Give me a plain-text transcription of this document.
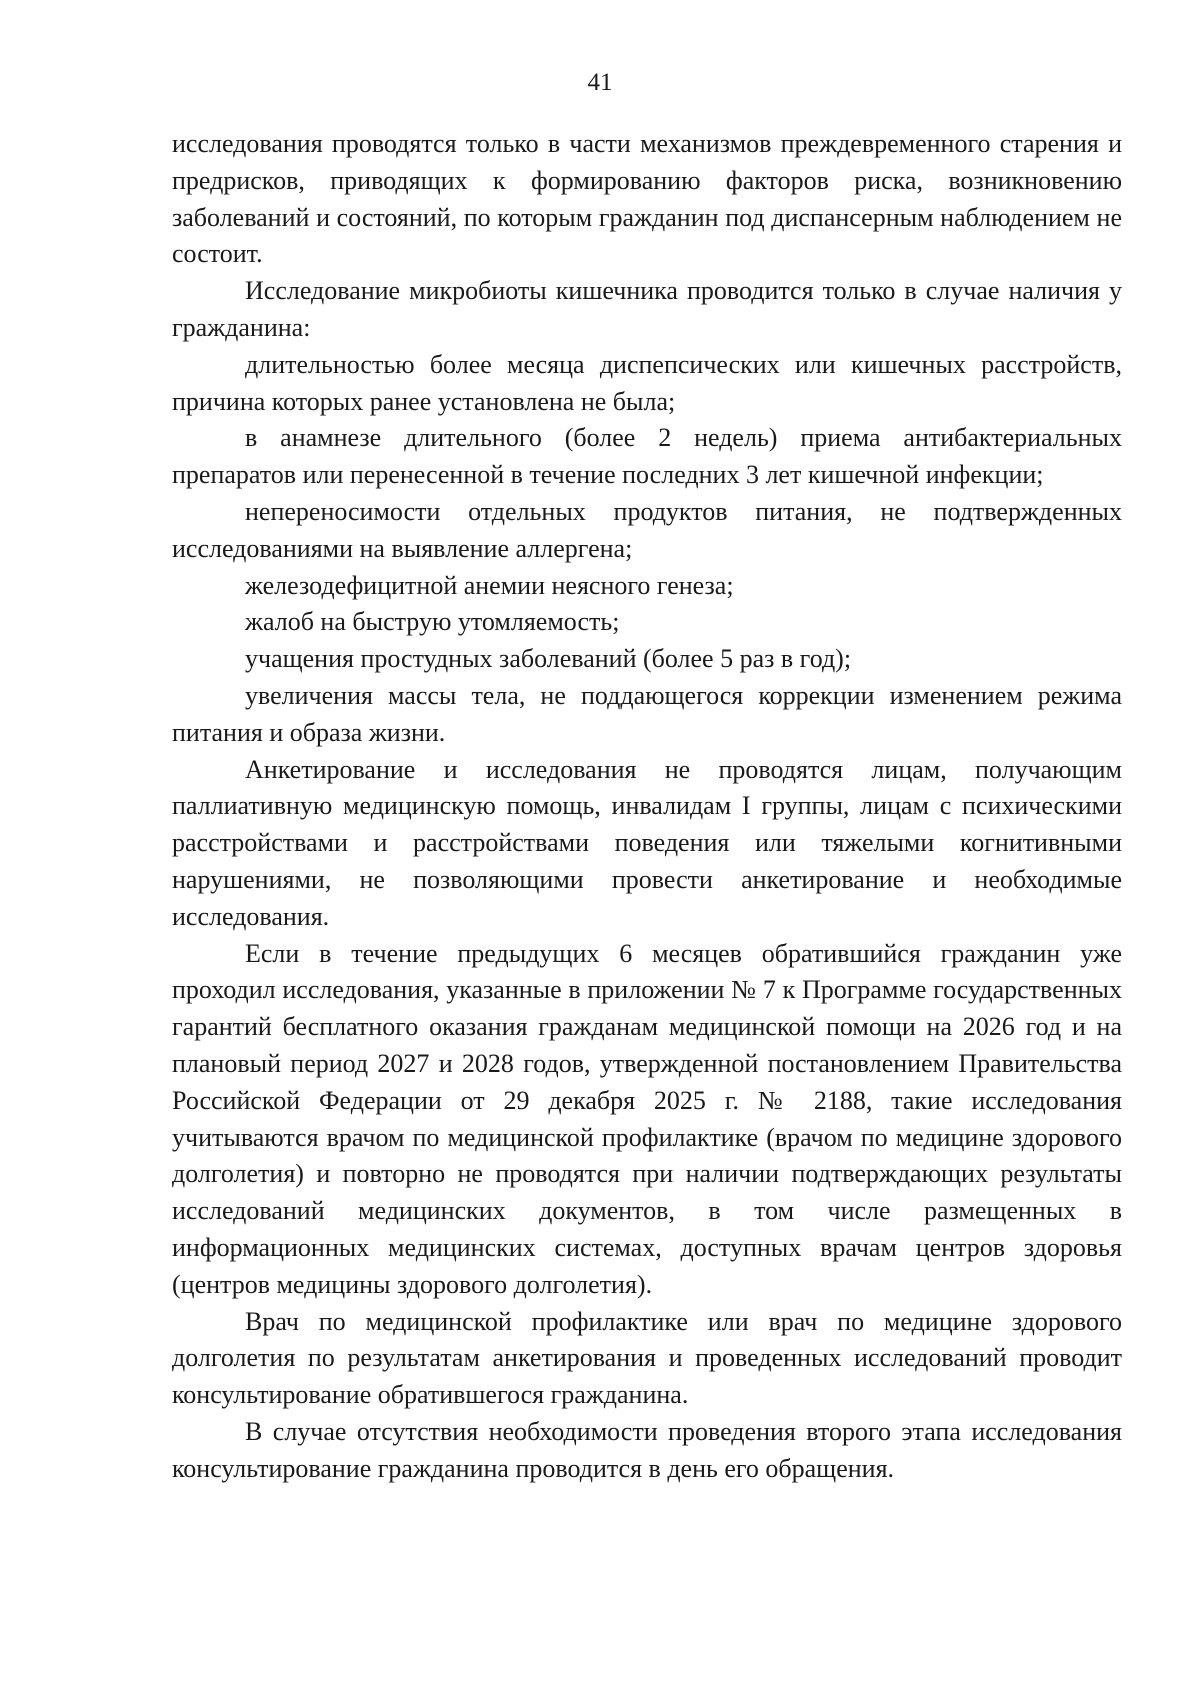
41

исследования проводятся только в части механизмов преждевременного старения и предрисков, приводящих к формированию факторов риска, возникновению заболеваний и состояний, по которым гражданин под диспансерным наблюдением не состоит.

Исследование микробиоты кишечника проводится только в случае наличия у гражданина:

длительностью более месяца диспепсических или кишечных расстройств, причина которых ранее установлена не была;

в анамнезе длительного (более 2 недель) приема антибактериальных препаратов или перенесенной в течение последних 3 лет кишечной инфекции;

непереносимости отдельных продуктов питания, не подтвержденных исследованиями на выявление аллергена;

железодефицитной анемии неясного генеза;

жалоб на быструю утомляемость;

учащения простудных заболеваний (более 5 раз в год);

увеличения массы тела, не поддающегося коррекции изменением режима питания и образа жизни.

Анкетирование и исследования не проводятся лицам, получающим паллиативную медицинскую помощь, инвалидам I группы, лицам с психическими расстройствами и расстройствами поведения или тяжелыми когнитивными нарушениями, не позволяющими провести анкетирование и необходимые исследования.

Если в течение предыдущих 6 месяцев обратившийся гражданин уже проходил исследования, указанные в приложении № 7 к Программе государственных гарантий бесплатного оказания гражданам медицинской помощи на 2026 год и на плановый период 2027 и 2028 годов, утвержденной постановлением Правительства Российской Федерации от 29 декабря 2025 г. № 2188, такие исследования учитываются врачом по медицинской профилактике (врачом по медицине здорового долголетия) и повторно не проводятся при наличии подтверждающих результаты исследований медицинских документов, в том числе размещенных в информационных медицинских системах, доступных врачам центров здоровья (центров медицины здорового долголетия).

Врач по медицинской профилактике или врач по медицине здорового долголетия по результатам анкетирования и проведенных исследований проводит консультирование обратившегося гражданина.

В случае отсутствия необходимости проведения второго этапа исследования консультирование гражданина проводится в день его обращения.
